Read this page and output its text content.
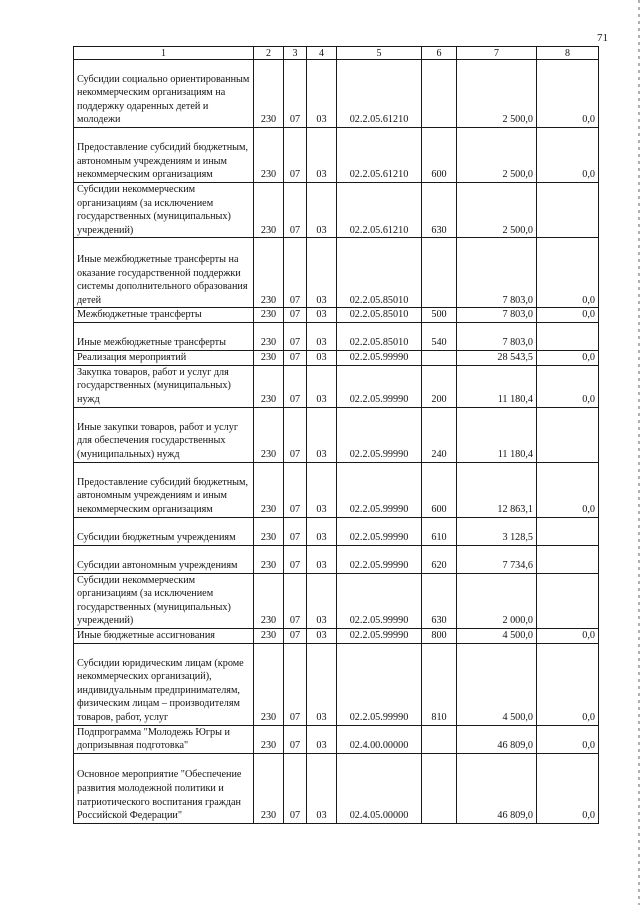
71
1	2	3	4	5	6	7	8
Субсидии социально ориентированным некоммерческим организациям на поддержку одаренных детей и молодежи	230	07	03	02.2.05.61210		2 500,0	0,0
Предоставление субсидий бюджетным, автономным учреждениям и иным некоммерческим организациям	230	07	03	02.2.05.61210	600	2 500,0	0,0
Субсидии некоммерческим организациям (за исключением государственных (муниципальных) учреждений)	230	07	03	02.2.05.61210	630	2 500,0	
Иные межбюджетные трансферты на оказание государственной поддержки системы дополнительного образования детей	230	07	03	02.2.05.85010		7 803,0	0,0
Межбюджетные трансферты	230	07	03	02.2.05.85010	500	7 803,0	0,0
Иные межбюджетные трансферты	230	07	03	02.2.05.85010	540	7 803,0	
Реализация мероприятий	230	07	03	02.2.05.99990		28 543,5	0,0
Закупка товаров, работ и услуг для государственных (муниципальных) нужд	230	07	03	02.2.05.99990	200	11 180,4	0,0
Иные закупки товаров, работ и услуг для обеспечения государственных (муниципальных) нужд	230	07	03	02.2.05.99990	240	11 180,4	
Предоставление субсидий бюджетным, автономным учреждениям и иным некоммерческим организациям	230	07	03	02.2.05.99990	600	12 863,1	0,0
Субсидии бюджетным учреждениям	230	07	03	02.2.05.99990	610	3 128,5	
Субсидии автономным учреждениям	230	07	03	02.2.05.99990	620	7 734,6	
Субсидии некоммерческим организациям (за исключением государственных (муниципальных) учреждений)	230	07	03	02.2.05.99990	630	2 000,0	
Иные бюджетные ассигнования	230	07	03	02.2.05.99990	800	4 500,0	0,0
Субсидии юридическим лицам (кроме некоммерческих организаций), индивидуальным предпринимателям, физическим лицам – производителям товаров, работ, услуг	230	07	03	02.2.05.99990	810	4 500,0	0,0
Подпрограмма "Молодежь Югры и допризывная подготовка"	230	07	03	02.4.00.00000		46 809,0	0,0
Основное мероприятие "Обеспечение развития молодежной политики и патриотического воспитания граждан Российской Федерации"	230	07	03	02.4.05.00000		46 809,0	0,0
